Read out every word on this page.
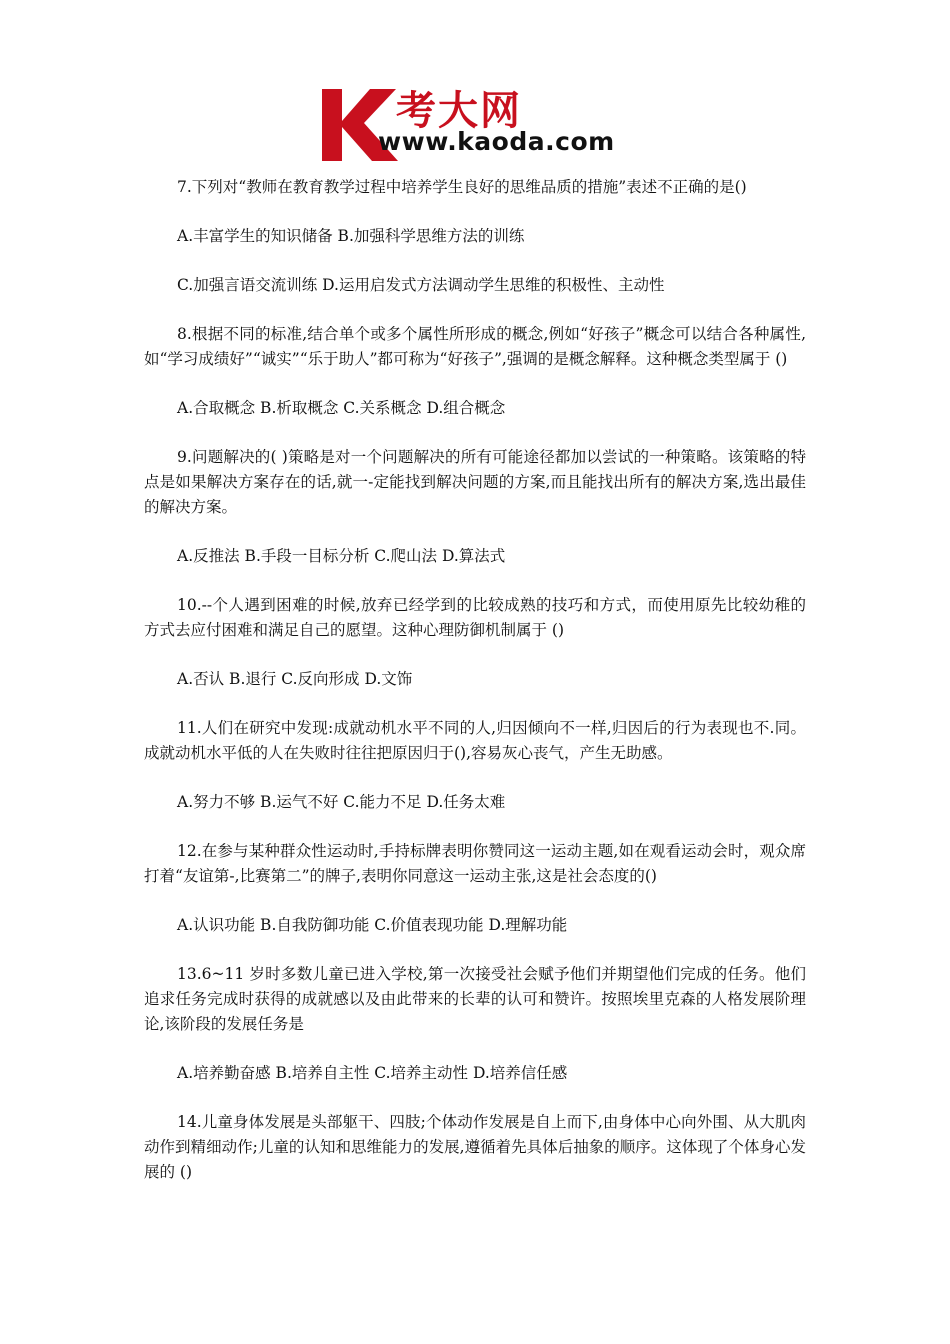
考大网
www.kaoda.com

7.下列对“教师在教育教学过程中培养学生良好的思维品质的措施”表述不正确的是()

A.丰富学生的知识储备 B.加强科学思维方法的训练

C.加强言语交流训练 D.运用启发式方法调动学生思维的积极性、主动性

8.根据不同的标准,结合单个或多个属性所形成的概念,例如“好孩子”概念可以结合各种属性,如“学习成绩好”“诚实”“乐于助人”都可称为“好孩子”,强调的是概念解释。这种概念类型属于 ()

A.合取概念 B.析取概念 C.关系概念 D.组合概念

9.问题解决的( )策略是对一个问题解决的所有可能途径都加以尝试的一种策略。该策略的特点是如果解决方案存在的话,就一-定能找到解决问题的方案,而且能找出所有的解决方案,选出最佳的解决方案。

A.反推法 B.手段一目标分析 C.爬山法 D.算法式

10.--个人遇到困难的时候,放弃已经学到的比较成熟的技巧和方式，而使用原先比较幼稚的方式去应付困难和满足自己的愿望。这种心理防御机制属于 ()

A.否认 B.退行 C.反向形成 D.文饰

11.人们在研究中发现:成就动机水平不同的人,归因倾向不一样,归因后的行为表现也不.同。成就动机水平低的人在失败时往往把原因归于(),容易灰心丧气，产生无助感。

A.努力不够 B.运气不好 C.能力不足 D.任务太难

12.在参与某种群众性运动时,手持标牌表明你赞同这一运动主题,如在观看运动会时，观众席打着“友谊第-,比赛第二”的牌子,表明你同意这一运动主张,这是社会态度的()

A.认识功能 B.自我防御功能 C.价值表现功能 D.理解功能

13.6~11 岁时多数儿童已进入学校,第一次接受社会赋予他们并期望他们完成的任务。他们追求任务完成时获得的成就感以及由此带来的长辈的认可和赞许。按照埃里克森的人格发展阶理论,该阶段的发展任务是

A.培养勤奋感 B.培养自主性 C.培养主动性 D.培养信任感

14.儿童身体发展是头部躯干、四肢;个体动作发展是自上而下,由身体中心向外围、从大肌肉动作到精细动作;儿童的认知和思维能力的发展,遵循着先具体后抽象的顺序。这体现了个体身心发展的 ()
